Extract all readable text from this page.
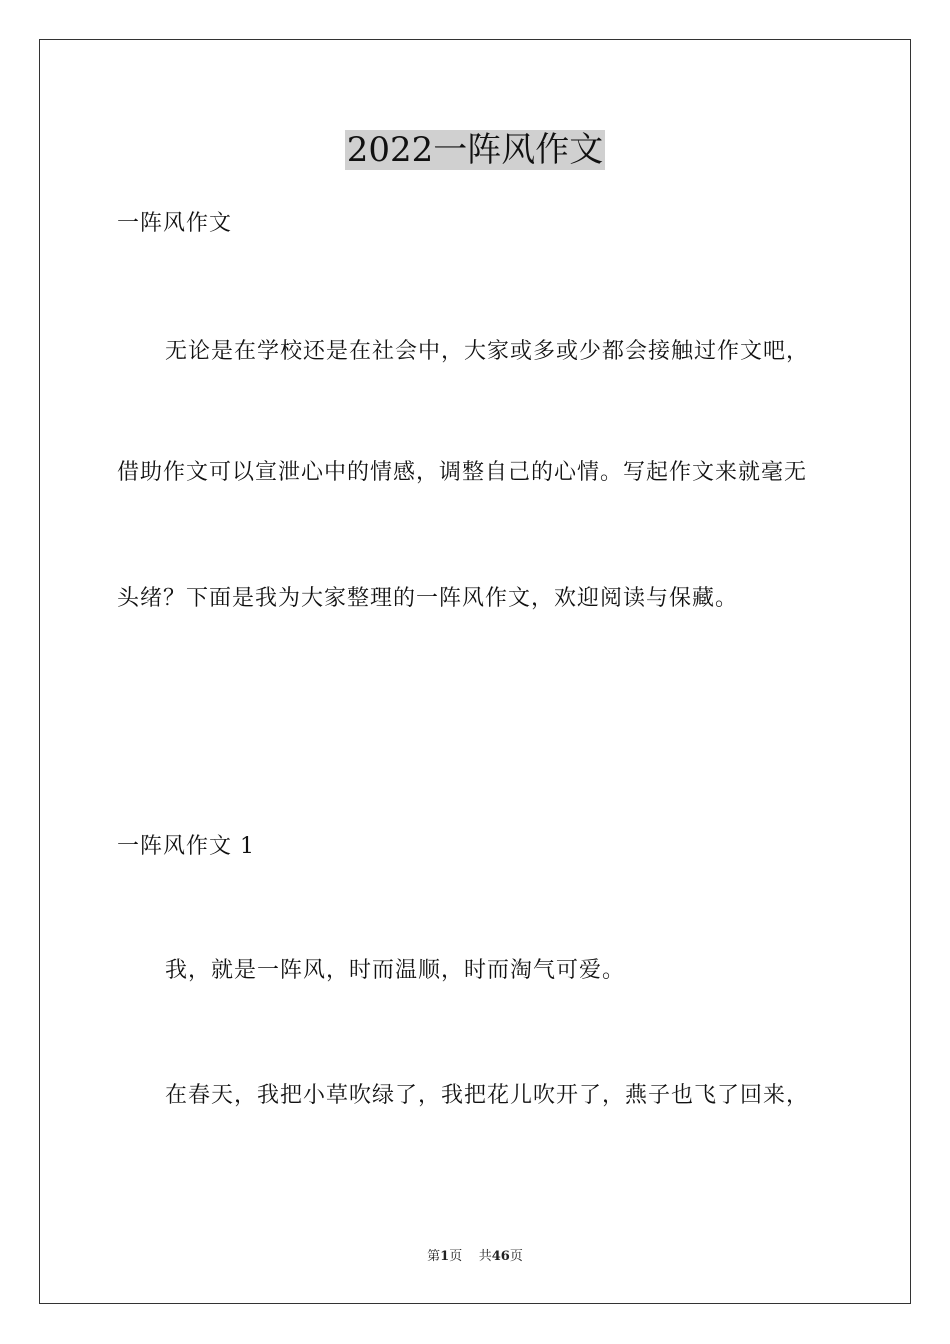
2022一阵风作文

一阵风作文

无论是在学校还是在社会中，大家或多或少都会接触过作文吧，

借助作文可以宣泄心中的情感，调整自己的心情。写起作文来就毫无

头绪？下面是我为大家整理的一阵风作文，欢迎阅读与保藏。

一阵风作文 1

我，就是一阵风，时而温顺，时而淘气可爱。

在春天，我把小草吹绿了，我把花儿吹开了，燕子也飞了回来，

第1页 共46页
